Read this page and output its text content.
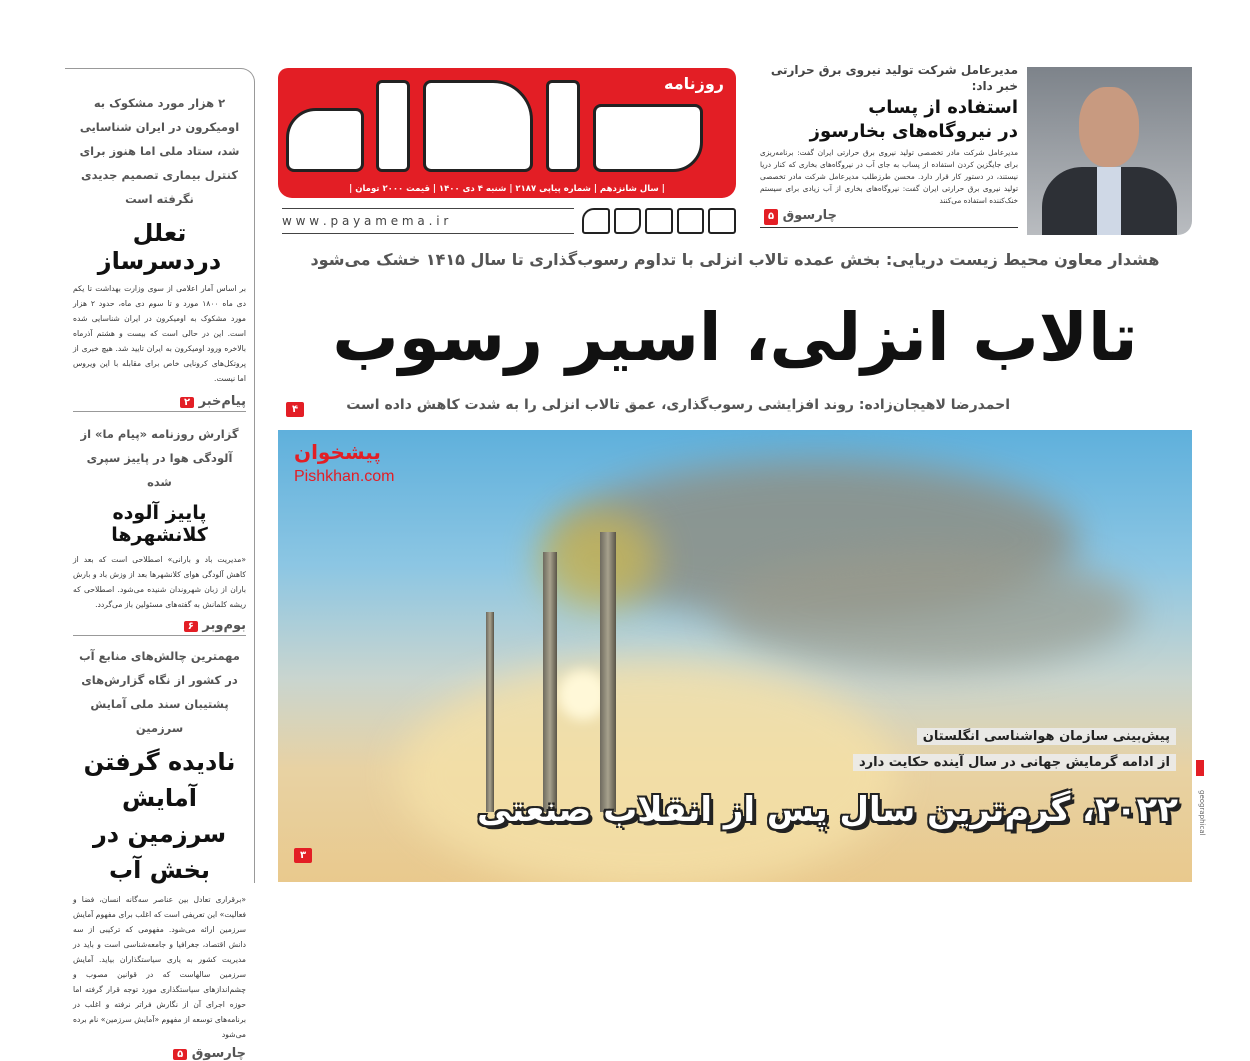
۲ هزار مورد مشکوک به اومیکرون در ایران شناسایی شد، ستاد ملی اما هنوز برای کنترل بیماری تصمیم جدیدی نگرفته است
تعلل دردسرساز
بر اساس آمار اعلامی از سوی وزارت بهداشت تا یکم دی ماه ۱۸۰۰ مورد و تا سوم دی ماه، حدود ۲ هزار مورد مشکوک به اومیکرون در ایران شناسایی شده است. این در حالی است که بیست و هشتم آذرماه بالاخره ورود اومیکرون به ایران تایید شد. هیچ خبری از پروتکل‌های کرونایی خاص برای مقابله با این ویروس اما نیست.
پیام‌خبر ۲
گزارش روزنامه «پیام ما» از آلودگی هوا در پاییز سپری شده
پاییز آلوده کلانشهرها
«مدیریت باد و بارانی» اصطلاحی است که بعد از کاهش آلودگی هوای کلانشهرها بعد از وزش باد و بارش باران از زبان شهروندان شنیده می‌شود. اصطلاحی که ریشه کلمانش به گفته‌های مسئولین باز می‌گردد.
بوم‌وبر ۶
مهمترین چالش‌های منابع آب در کشور از نگاه گزارش‌های پشتیبان سند ملی آمایش سرزمین
نادیده گرفتن آمایش سرزمین در بخش آب
«برقراری تعادل بین عناصر سه‌گانه انسان، فضا و فعالیت» این تعریفی است که اغلب برای مفهوم آمایش سرزمین ارائه می‌شود. مفهومی که ترکیبی از سه دانش اقتصاد، جغرافیا و جامعه‌شناسی است و باید در مدیریت کشور به یاری سیاستگذاران بیاید. آمایش سرزمین سالهاست که در قوانین مصوب و چشم‌اندازهای سیاستگذاری مورد توجه قرار گرفته اما حوزه اجرای آن از نگارش فراتر نرفته و اغلب در برنامه‌های توسعه از مفهوم «آمایش سرزمین» نام برده می‌شود
چارسوق ۵
روزنامه
| سال شانزدهم | شماره پیاپی ۲۱۸۷ | شنبه ۴ دی ۱۴۰۰ | قیمت ۲۰۰۰ تومان |
w w w . p a y a m e m a . i r
مدیرعامل شرکت تولید نیروی برق حرارتی خبر داد:
استفاده از پساب
در نیروگاه‌های بخارسوز
مدیرعامل شرکت مادر تخصصی تولید نیروی برق حرارتی ایران گفت: برنامه‌ریزی برای جایگزین کردن استفاده از پساب به جای آب در نیروگاه‌های بخاری که کنار دریا نیستند، در دستور کار قرار دارد. محسن طرزطلب مدیرعامل شرکت مادر تخصصی تولید نیروی برق حرارتی ایران گفت: نیروگاه‌های بخاری از آب زیادی برای سیستم خنک‌کننده استفاده می‌کنند
۵ چارسوق
هشدار معاون محیط زیست دریایی: بخش عمده تالاب انزلی با تداوم رسوب‌گذاری تا سال ۱۴۱۵ خشک می‌شود
تالاب انزلی، اسیر رسوب
احمدرضا لاهیجان‌زاده: روند افزایشی رسوب‌گذاری، عمق تالاب انزلی را به شدت کاهش داده است
۴
پیشخوان
Pishkhan.com
پیش‌بینی سازمان هواشناسی انگلستان
از ادامه گرمایش جهانی در سال آینده حکایت دارد
۲۰۲۲، گرم‌ترین سال پس از انقلاب صنعتی
۳
geographical
